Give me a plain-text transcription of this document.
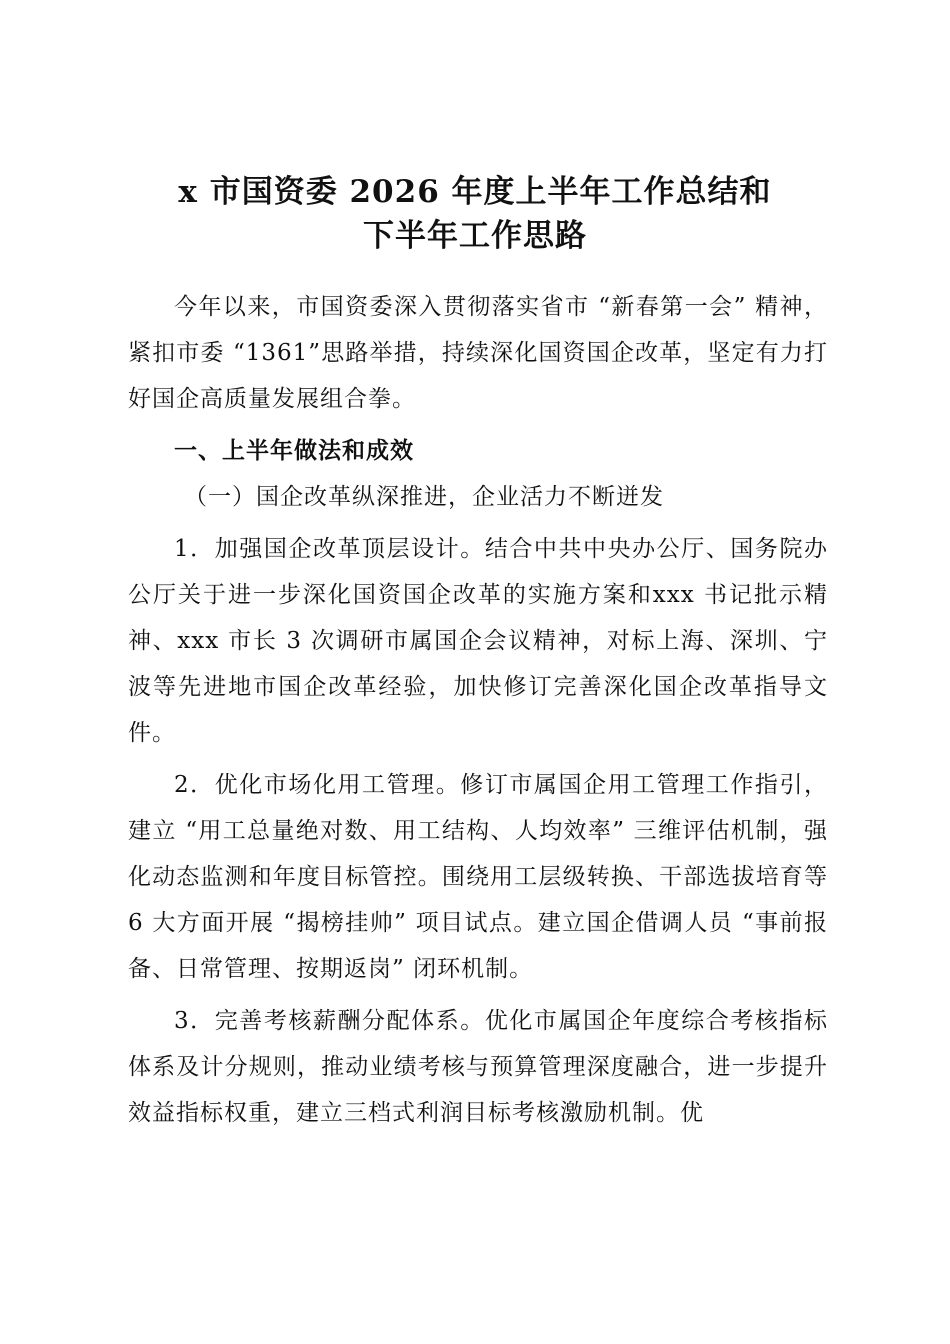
x 市国资委 2026 年度上半年工作总结和

下半年工作思路

今年以来，市国资委深入贯彻落实省市 “新春第一会” 精神，紧扣市委 “1361”思路举措，持续深化国资国企改革，坚定有力打好国企高质量发展组合拳。

一、上半年做法和成效

（一）国企改革纵深推进，企业活力不断迸发

1．加强国企改革顶层设计。结合中共中央办公厅、国务院办公厅关于进一步深化国资国企改革的实施方案和xxx 书记批示精神、xxx 市长 3 次调研市属国企会议精神，对标上海、深圳、宁波等先进地市国企改革经验，加快修订完善深化国企改革指导文件。

2．优化市场化用工管理。修订市属国企用工管理工作指引，建立 “用工总量绝对数、用工结构、人均效率” 三维评估机制，强化动态监测和年度目标管控。围绕用工层级转换、干部选拔培育等6 大方面开展 “揭榜挂帅” 项目试点。建立国企借调人员 “事前报备、日常管理、按期返岗” 闭环机制。

3．完善考核薪酬分配体系。优化市属国企年度综合考核指标体系及计分规则，推动业绩考核与预算管理深度融合，进一步提升效益指标权重，建立三档式利润目标考核激励机制。优
